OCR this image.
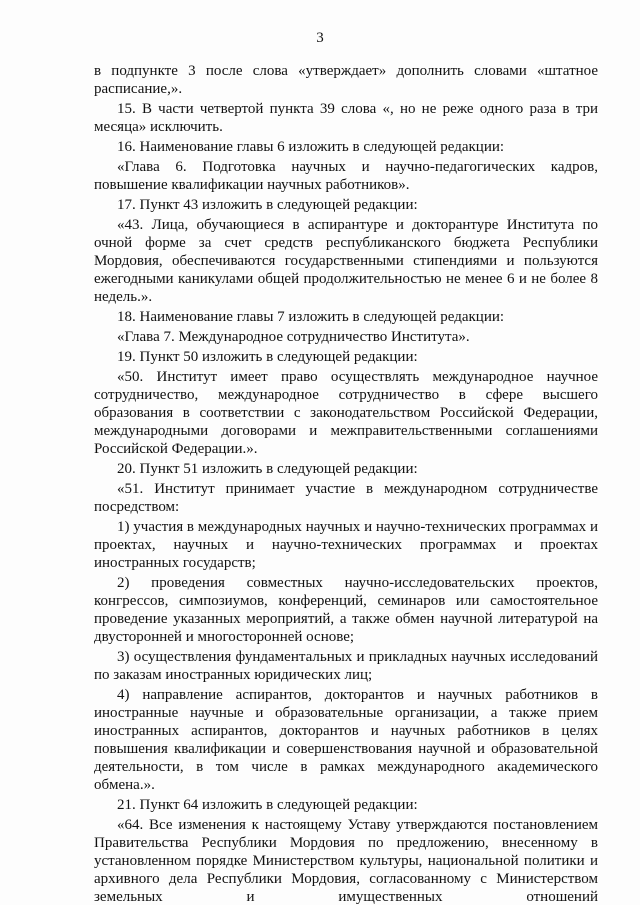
3

в подпункте 3 после слова «утверждает» дополнить словами «штатное расписание,».

15. В части четвертой пункта 39 слова «, но не реже одного раза в три месяца» исключить.

16. Наименование главы 6 изложить в следующей редакции:

«Глава 6. Подготовка научных и научно-педагогических кадров, повышение квалификации научных работников».

17. Пункт 43 изложить в следующей редакции:

«43. Лица, обучающиеся в аспирантуре и докторантуре Института по очной форме за счет средств республиканского бюджета Республики Мордовия, обеспечиваются государственными стипендиями и пользуются ежегодными каникулами общей продолжительностью не менее 6 и не более 8 недель.».

18. Наименование главы 7 изложить в следующей редакции:

«Глава 7. Международное сотрудничество Института».

19. Пункт 50 изложить в следующей редакции:

«50. Институт имеет право осуществлять международное научное сотрудничество, международное сотрудничество в сфере высшего образования в соответствии с законодательством Российской Федерации, международными договорами и межправительственными соглашениями Российской Федерации.».

20. Пункт 51 изложить в следующей редакции:

«51. Институт принимает участие в международном сотрудничестве посредством:

1) участия в международных научных и научно-технических программах и проектах, научных и научно-технических программах и проектах иностранных государств;

2) проведения совместных научно-исследовательских проектов, конгрессов, симпозиумов, конференций, семинаров или самостоятельное проведение указанных мероприятий, а также обмен научной литературой на двусторонней и многосторонней основе;

3) осуществления фундаментальных и прикладных научных исследований по заказам иностранных юридических лиц;

4) направление аспирантов, докторантов и научных работников в иностранные научные и образовательные организации, а также прием иностранных аспирантов, докторантов и научных работников в целях повышения квалификации и совершенствования научной и образовательной деятельности, в том числе в рамках международного академического обмена.».

21. Пункт 64 изложить в следующей редакции:

«64. Все изменения к настоящему Уставу утверждаются постановлением Правительства Республики Мордовия по предложению, внесенному в установленном порядке Министерством культуры, национальной политики и архивного дела Республики Мордовия, согласованному с Министерством земельных и имущественных отношений
